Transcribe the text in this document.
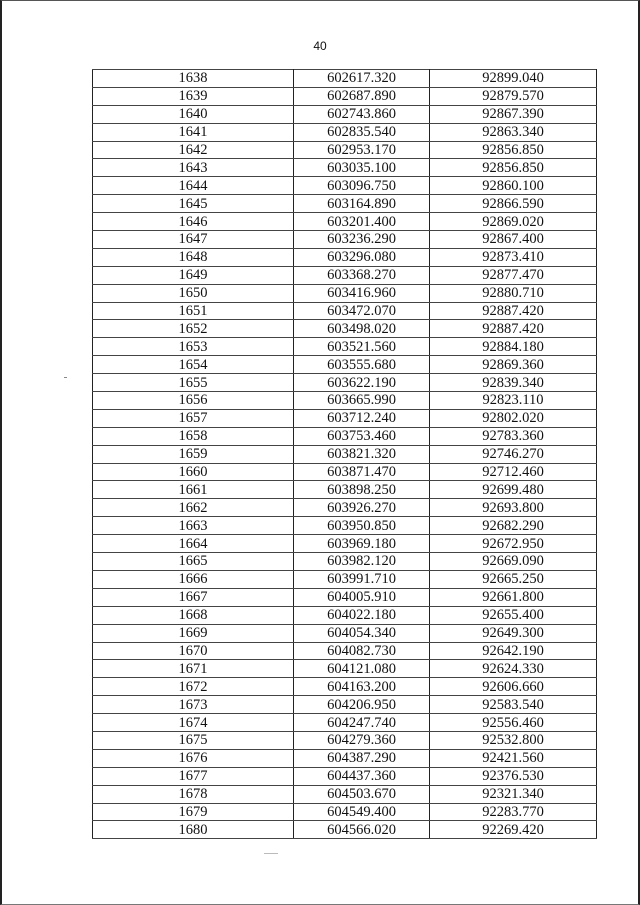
40
1638	602617.320	92899.040
1639	602687.890	92879.570
1640	602743.860	92867.390
1641	602835.540	92863.340
1642	602953.170	92856.850
1643	603035.100	92856.850
1644	603096.750	92860.100
1645	603164.890	92866.590
1646	603201.400	92869.020
1647	603236.290	92867.400
1648	603296.080	92873.410
1649	603368.270	92877.470
1650	603416.960	92880.710
1651	603472.070	92887.420
1652	603498.020	92887.420
1653	603521.560	92884.180
1654	603555.680	92869.360
1655	603622.190	92839.340
1656	603665.990	92823.110
1657	603712.240	92802.020
1658	603753.460	92783.360
1659	603821.320	92746.270
1660	603871.470	92712.460
1661	603898.250	92699.480
1662	603926.270	92693.800
1663	603950.850	92682.290
1664	603969.180	92672.950
1665	603982.120	92669.090
1666	603991.710	92665.250
1667	604005.910	92661.800
1668	604022.180	92655.400
1669	604054.340	92649.300
1670	604082.730	92642.190
1671	604121.080	92624.330
1672	604163.200	92606.660
1673	604206.950	92583.540
1674	604247.740	92556.460
1675	604279.360	92532.800
1676	604387.290	92421.560
1677	604437.360	92376.530
1678	604503.670	92321.340
1679	604549.400	92283.770
1680	604566.020	92269.420
